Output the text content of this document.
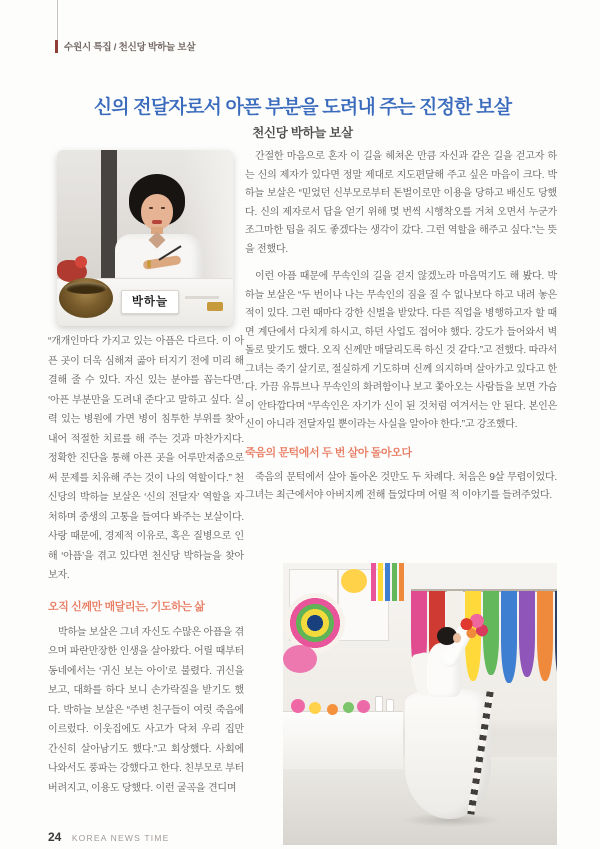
수원시 특집 / 천신당 박하늘 보살
신의 전달자로서 아픈 부분을 도려내 주는 진정한 보살
천신당 박하늘 보살
박하늘

“개개인마다 가지고 있는 아픔은 다르다. 이 아픈 곳이 더욱 심해져 곪아 터지기 전에 미리 해결해 줄 수 있다. 자신 있는 분야를 꼽는다면, ‘아픈 부분만을 도려내 준다’고 말하고 싶다. 실력 있는 병원에 가면 병이 침투한 부위를 찾아내어 적절한 치료를 해 주는 것과 마찬가지다. 정확한 진단을 통해 아픈 곳을 어루만져줌으로써 문제를 치유해 주는 것이 나의 역할이다.” 천신당의 박하늘 보살은 ‘신의 전달자’ 역할을 자처하며 중생의 고통을 들여다 봐주는 보살이다. 사랑 때문에, 경제적 이유로, 혹은 질병으로 인해 ‘아픔’을 겪고 있다면 천신당 박하늘을 찾아보자.

오직 신께만 매달리는, 기도하는 삶

박하늘 보살은 그녀 자신도 수많은 아픔을 겪으며 파란만장한 인생을 살아왔다. 어릴 때부터 동네에서는 ‘귀신 보는 아이’로 불렸다. 귀신을 보고, 대화를 하다 보니 손가락질을 받기도 했다. 박하늘 보살은 “주변 친구들이 여럿 죽음에 이르렀다. 이웃집에도 사고가 닥쳐 우리 집만 간신히 살아남기도 했다.”고 회상했다. 사회에 나와서도 풍파는 강했다고 한다. 친부모로 부터 버려지고, 이용도 당했다. 이런 굴곡을 견디며

간절한 마음으로 혼자 이 길을 헤쳐온 만큼 자신과 같은 길을 걷고자 하는 신의 제자가 있다면 정말 제대로 지도편달해 주고 싶은 마음이 크다. 박하늘 보살은 “믿었던 신부모로부터 돈벌이로만 이용을 당하고 배신도 당했다. 신의 제자로서 답을 얻기 위해 몇 번씩 시행착오를 거쳐 오면서 누군가 조그마한 팁을 줘도 좋겠다는 생각이 갔다. 그런 역할을 해주고 싶다.”는 뜻을 전했다.

이런 아픔 때문에 무속인의 길을 걷지 않겠노라 마음먹기도 해 봤다. 박하늘 보살은 “두 번이나 나는 무속인의 짐을 질 수 없나보다 하고 내려 놓은 적이 있다. 그런 때마다 강한 신벌을 받았다. 다른 직업을 병행하고자 할 때면 계단에서 다치게 하시고, 하던 사업도 접어야 했다. 강도가 들어와서 벽돌로 맞기도 했다. 오직 신께만 매달리도록 하신 것 같다.”고 전했다. 따라서 그녀는 죽기 살기로, 절실하게 기도하며 신께 의지하며 살아가고 있다고 한다. 가끔 유튜브나 무속인의 화려함이나 보고 쫓아오는 사람들을 보면 가슴이 안타깝다며 “무속인은 자기가 신이 된 것처럼 여겨서는 안 된다. 본인은 신이 아니라 전달자일 뿐이라는 사실을 알아야 한다.”고 강조했다.

죽음의 문턱에서 두 번 살아 돌아오다

죽음의 문턱에서 살아 돌아온 것만도 두 차례다. 처음은 9살 무렵이었다. 그녀는 최근에서야 아버지께 전해 들었다며 어릴 적 이야기를 들려주었다.

24 KOREA NEWS TIME
